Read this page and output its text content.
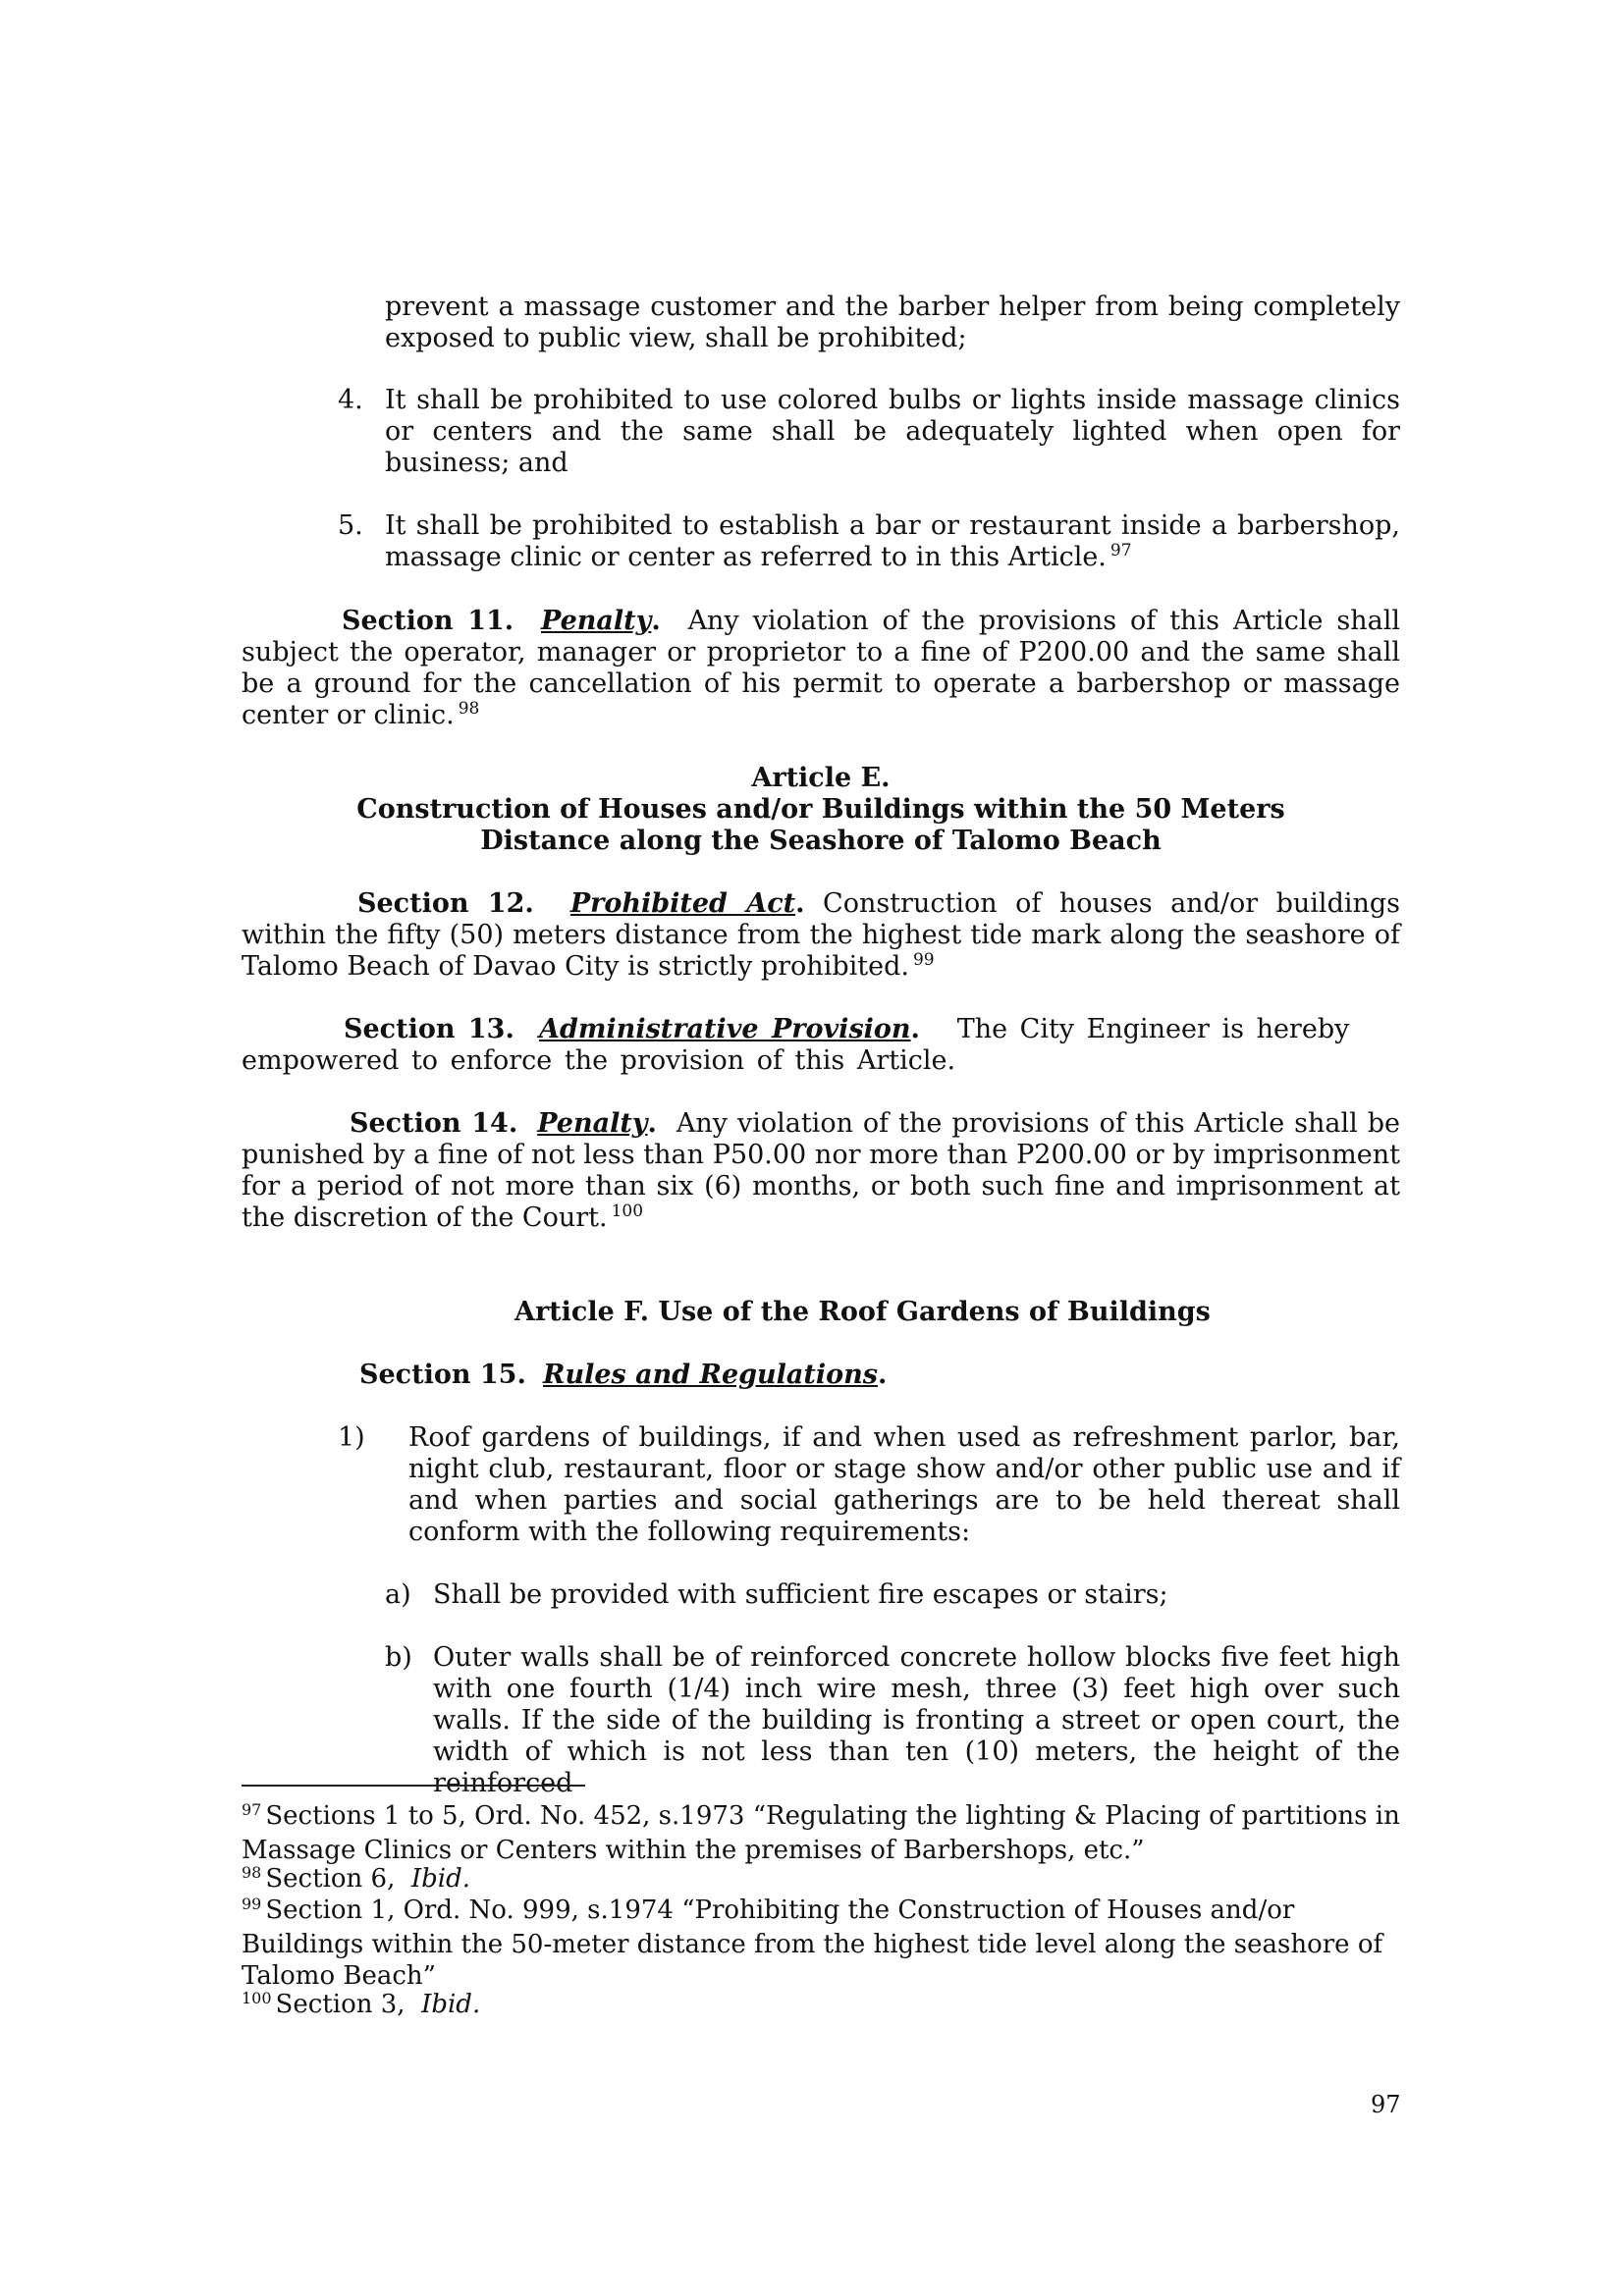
prevent a massage customer and the barber helper from being completely exposed to public view, shall be prohibited;

4. It shall be prohibited to use colored bulbs or lights inside massage clinics or centers and the same shall be adequately lighted when open for business; and

5. It shall be prohibited to establish a bar or restaurant inside a barbershop, massage clinic or center as referred to in this Article. $^{97}$

Section 11. Penalty. Any violation of the provisions of this Article shall subject the operator, manager or proprietor to a fine of P200.00 and the same shall be a ground for the cancellation of his permit to operate a barbershop or massage center or clinic. $^{98}$

Article E.
Construction of Houses and/or Buildings within the 50 Meters
Distance along the Seashore of Talomo Beach

Section 12. Prohibited Act. Construction of houses and/or buildings within the fifty (50) meters distance from the highest tide mark along the seashore of Talomo Beach of Davao City is strictly prohibited. $^{99}$

Section 13. Administrative Provision. The City Engineer is hereby empowered to enforce the provision of this Article.

Section 14. Penalty. Any violation of the provisions of this Article shall be punished by a fine of not less than P50.00 nor more than P200.00 or by imprisonment for a period of not more than six (6) months, or both such fine and imprisonment at the discretion of the Court. $^{100}$

Article F. Use of the Roof Gardens of Buildings

Section 15. Rules and Regulations.

1) Roof gardens of buildings, if and when used as refreshment parlor, bar, night club, restaurant, floor or stage show and/or other public use and if and when parties and social gatherings are to be held thereat shall conform with the following requirements:

a) Shall be provided with sufficient fire escapes or stairs;

b) Outer walls shall be of reinforced concrete hollow blocks five feet high with one fourth (1/4) inch wire mesh, three (3) feet high over such walls. If the side of the building is fronting a street or open court, the width of which is not less than ten (10) meters, the height of the reinforced

$^{97}$ Sections 1 to 5, Ord. No. 452, s.1973 “Regulating the lighting & Placing of partitions in Massage Clinics or Centers within the premises of Barbershops, etc.”

$^{98}$ Section 6, Ibid.

$^{99}$ Section 1, Ord. No. 999, s.1974 “Prohibiting the Construction of Houses and/or Buildings within the 50-meter distance from the highest tide level along the seashore of Talomo Beach”

$^{100}$ Section 3, Ibid.

97
